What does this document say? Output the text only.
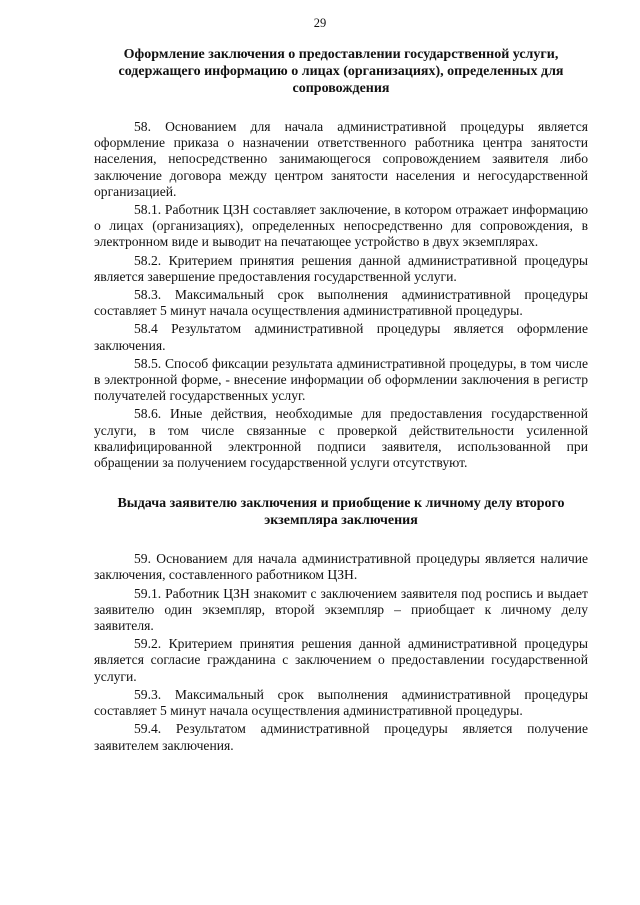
29
Оформление заключения о предоставлении государственной услуги, содержащего информацию о лицах (организациях), определенных для сопровождения

58. Основанием для начала административной процедуры является оформление приказа о назначении ответственного работника центра занятости населения, непосредственно занимающегося сопровождением заявителя либо заключение договора между центром занятости населения и негосударственной организацией.

58.1. Работник ЦЗН составляет заключение, в котором отражает информацию о лицах (организациях), определенных непосредственно для сопровождения, в электронном виде и выводит на печатающее устройство в двух экземплярах.

58.2. Критерием принятия решения данной административной процедуры является завершение предоставления государственной услуги.

58.3. Максимальный срок выполнения административной процедуры составляет 5 минут начала осуществления административной процедуры.

58.4 Результатом административной процедуры является оформление заключения.

58.5. Способ фиксации результата административной процедуры, в том числе в электронной форме, - внесение информации об оформлении заключения в регистр получателей государственных услуг.

58.6. Иные действия, необходимые для предоставления государственной услуги, в том числе связанные с проверкой действительности усиленной квалифицированной электронной подписи заявителя, использованной при обращении за получением государственной услуги отсутствуют.

Выдача заявителю заключения и приобщение к личному делу второго экземпляра заключения

59. Основанием для начала административной процедуры является наличие заключения, составленного работником ЦЗН.

59.1. Работник ЦЗН знакомит с заключением заявителя под роспись и выдает заявителю один экземпляр, второй экземпляр – приобщает к личному делу заявителя.

59.2. Критерием принятия решения данной административной процедуры является согласие гражданина с заключением о предоставлении государственной услуги.

59.3. Максимальный срок выполнения административной процедуры составляет 5 минут начала осуществления административной процедуры.

59.4. Результатом административной процедуры является получение заявителем заключения.
